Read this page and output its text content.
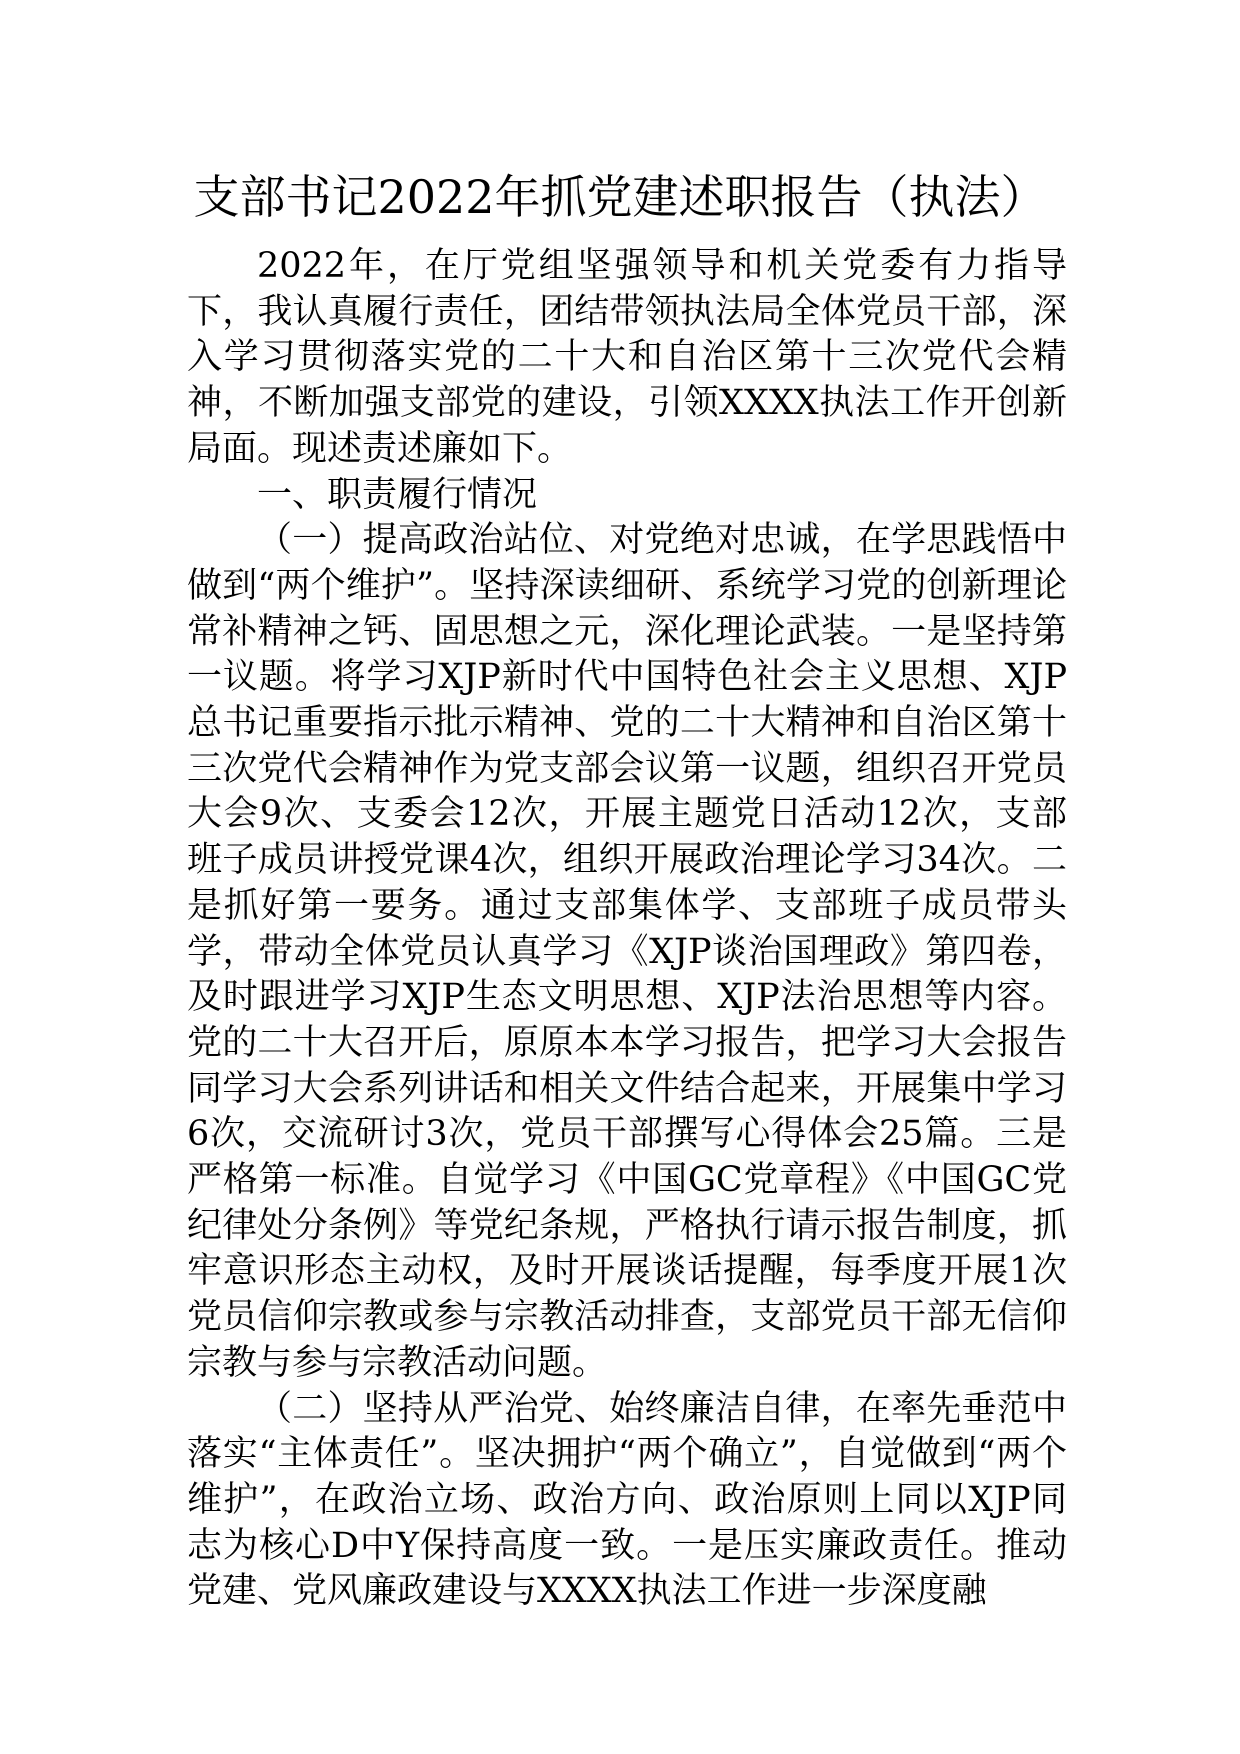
支部书记2022年抓党建述职报告（执法）

2022年，在厅党组坚强领导和机关党委有力指导下，我认真履行责任，团结带领执法局全体党员干部，深入学习贯彻落实党的二十大和自治区第十三次党代会精神，不断加强支部党的建设，引领XXXX执法工作开创新局面。现述责述廉如下。

一、职责履行情况

（一）提高政治站位、对党绝对忠诚，在学思践悟中做到“两个维护”。坚持深读细研、系统学习党的创新理论常补精神之钙、固思想之元，深化理论武装。一是坚持第一议题。将学习XJP新时代中国特色社会主义思想、XJP总书记重要指示批示精神、党的二十大精神和自治区第十三次党代会精神作为党支部会议第一议题，组织召开党员大会9次、支委会12次，开展主题党日活动12次，支部班子成员讲授党课4次，组织开展政治理论学习34次。二是抓好第一要务。通过支部集体学、支部班子成员带头学，带动全体党员认真学习《XJP谈治国理政》第四卷，及时跟进学习XJP生态文明思想、XJP法治思想等内容。党的二十大召开后，原原本本学习报告，把学习大会报告同学习大会系列讲话和相关文件结合起来，开展集中学习6次，交流研讨3次，党员干部撰写心得体会25篇。三是严格第一标准。自觉学习《中国GC党章程》《中国GC党纪律处分条例》等党纪条规，严格执行请示报告制度，抓牢意识形态主动权，及时开展谈话提醒，每季度开展1次党员信仰宗教或参与宗教活动排查，支部党员干部无信仰宗教与参与宗教活动问题。

（二）坚持从严治党、始终廉洁自律，在率先垂范中落实“主体责任”。坚决拥护“两个确立”，自觉做到“两个维护”，在政治立场、政治方向、政治原则上同以XJP同志为核心D中Y保持高度一致。一是压实廉政责任。推动党建、党风廉政建设与XXXX执法工作进一步深度融
